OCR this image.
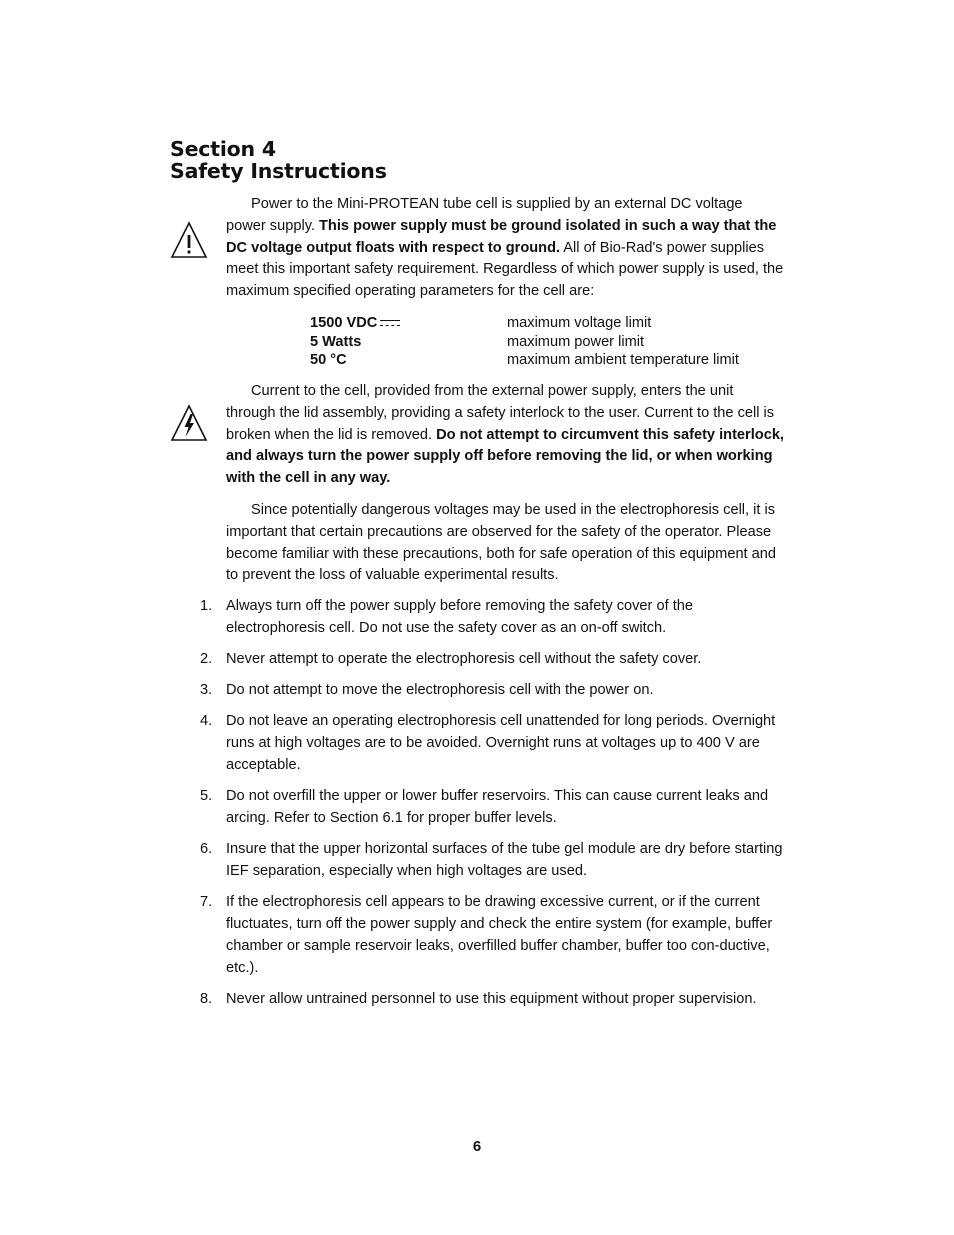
Section 4
Safety Instructions

Power to the Mini-PROTEAN tube cell is supplied by an external DC voltage power supply. This power supply must be ground isolated in such a way that the DC voltage output floats with respect to ground. All of Bio-Rad's power supplies meet this important safety requirement. Regardless of which power supply is used, the maximum specified operating parameters for the cell are:

1500 VDC	maximum voltage limit
5 Watts	maximum power limit
50 °C	maximum ambient temperature limit

Current to the cell, provided from the external power supply, enters the unit through the lid assembly, providing a safety interlock to the user. Current to the cell is broken when the lid is removed. Do not attempt to circumvent this safety interlock, and always turn the power supply off before removing the lid, or when working with the cell in any way.

Since potentially dangerous voltages may be used in the electrophoresis cell, it is important that certain precautions are observed for the safety of the operator. Please become familiar with these precautions, both for safe operation of this equipment and to prevent the loss of valuable experimental results.

1. Always turn off the power supply before removing the safety cover of the electrophoresis cell. Do not use the safety cover as an on-off switch.
2. Never attempt to operate the electrophoresis cell without the safety cover.
3. Do not attempt to move the electrophoresis cell with the power on.
4. Do not leave an operating electrophoresis cell unattended for long periods. Overnight runs at high voltages are to be avoided. Overnight runs at voltages up to 400 V are acceptable.
5. Do not overfill the upper or lower buffer reservoirs. This can cause current leaks and arcing. Refer to Section 6.1 for proper buffer levels.
6. Insure that the upper horizontal surfaces of the tube gel module are dry before starting IEF separation, especially when high voltages are used.
7. If the electrophoresis cell appears to be drawing excessive current, or if the current fluctuates, turn off the power supply and check the entire system (for example, buffer chamber or sample reservoir leaks, overfilled buffer chamber, buffer too con-ductive, etc.).
8. Never allow untrained personnel to use this equipment without proper supervision.
6
